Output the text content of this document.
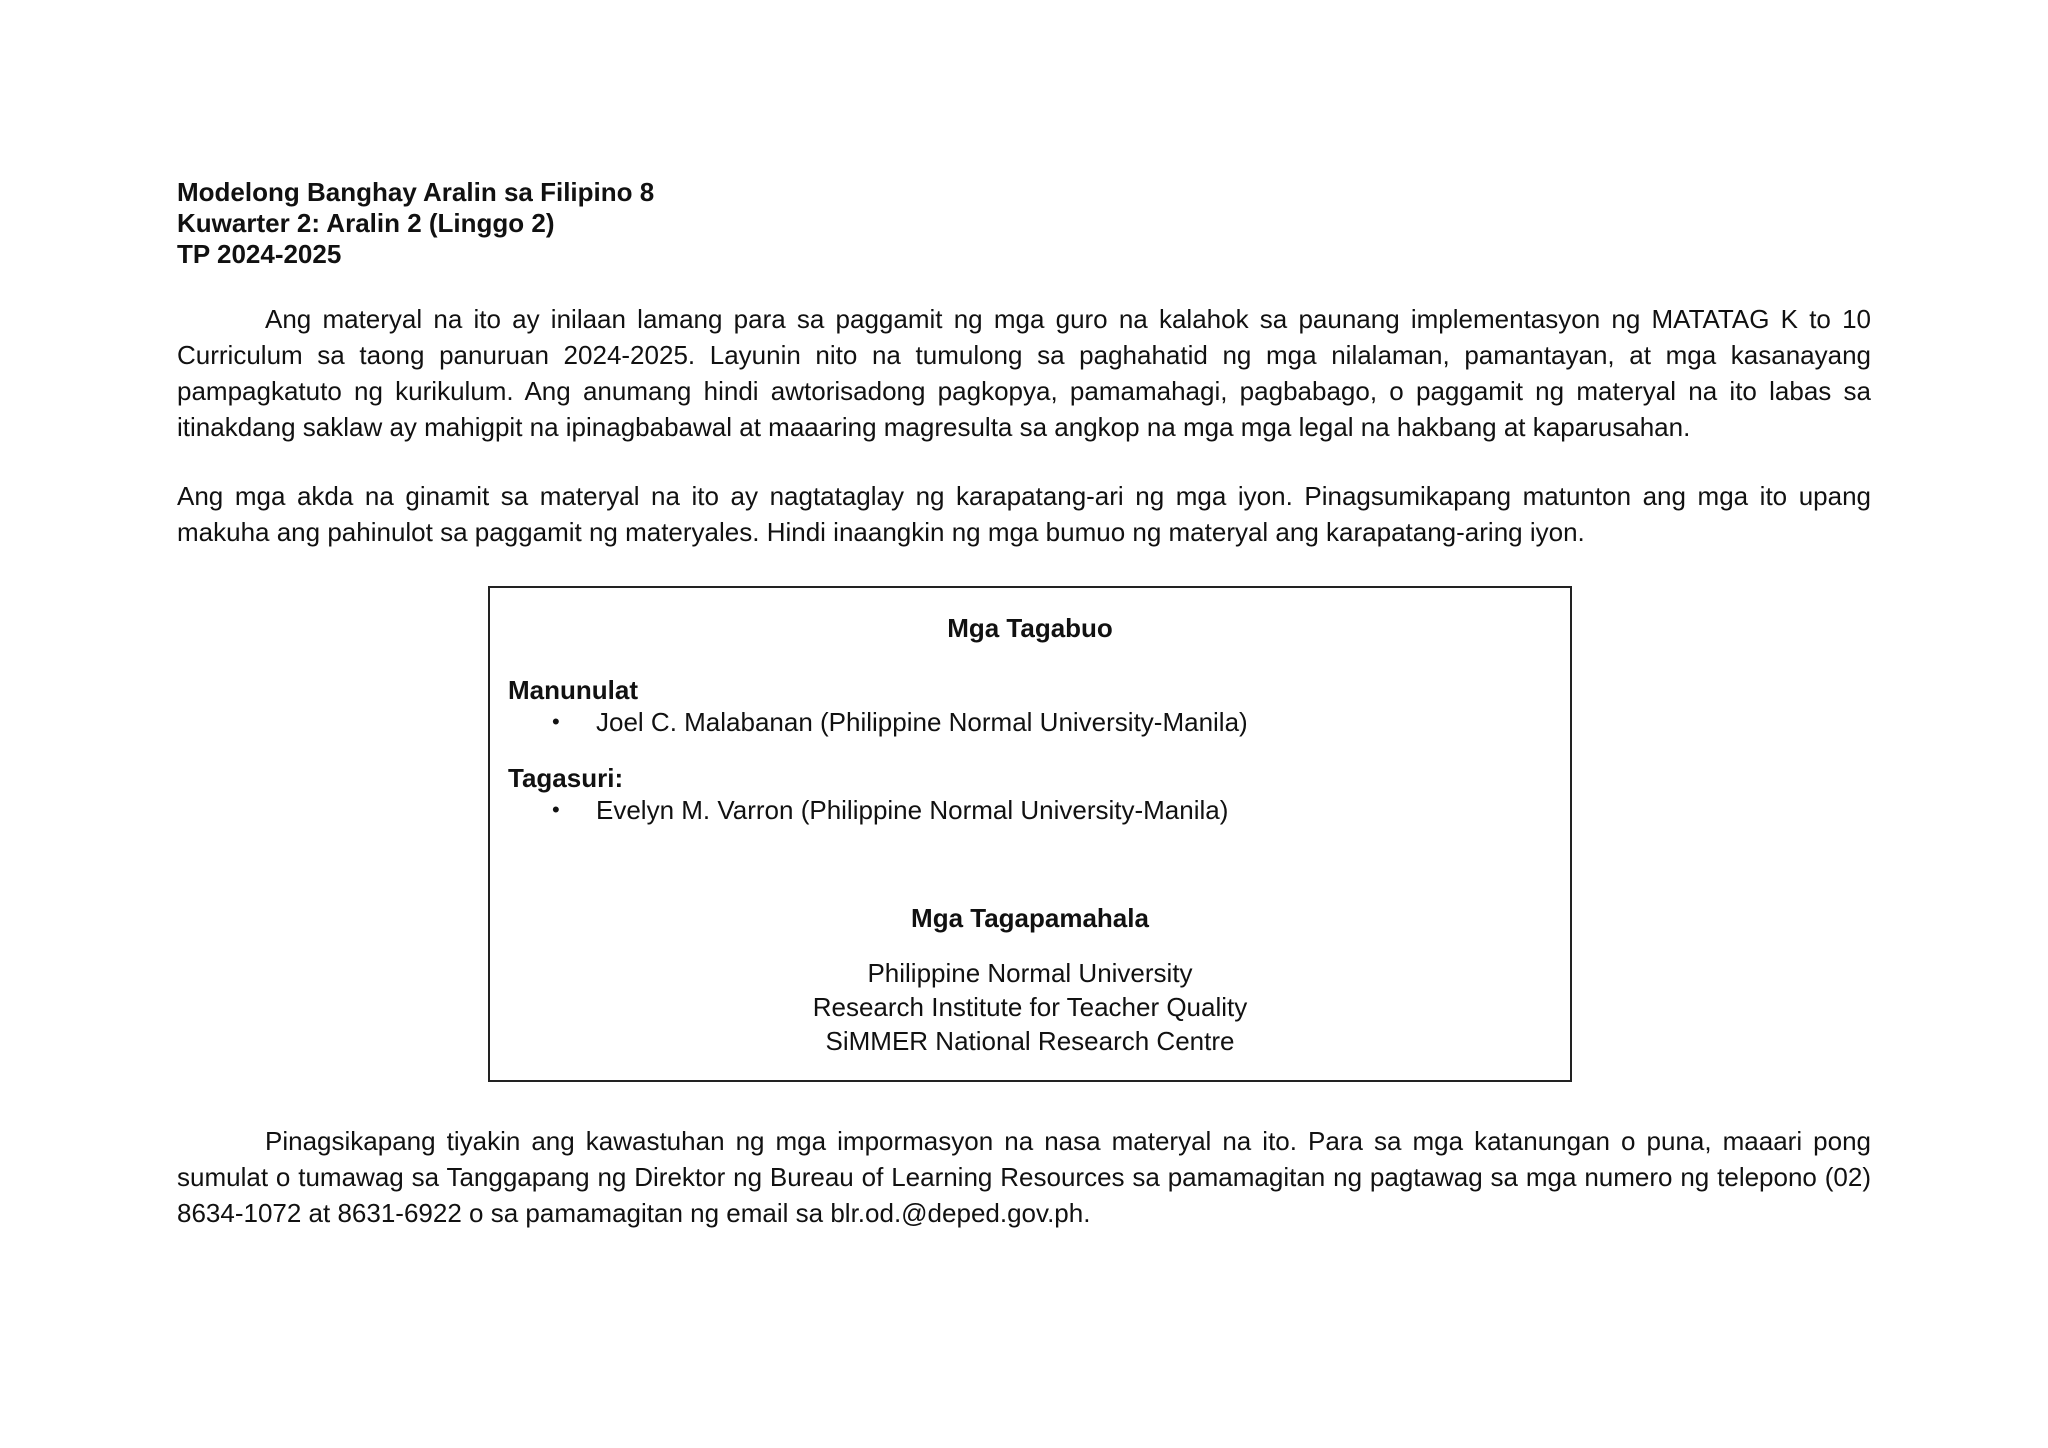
Modelong Banghay Aralin sa Filipino 8
Kuwarter 2: Aralin 2 (Linggo 2)
TP 2024-2025

Ang materyal na ito ay inilaan lamang para sa paggamit ng mga guro na kalahok sa paunang implementasyon ng MATATAG K to 10 Curriculum sa taong panuruan 2024-2025. Layunin nito na tumulong sa paghahatid ng mga nilalaman, pamantayan, at mga kasanayang pampagkatuto ng kurikulum. Ang anumang hindi awtorisadong pagkopya, pamamahagi, pagbabago, o paggamit ng materyal na ito labas sa itinakdang saklaw ay mahigpit na ipinagbabawal at maaaring magresulta sa angkop na mga mga legal na hakbang at kaparusahan.

Ang mga akda na ginamit sa materyal na ito ay nagtataglay ng karapatang-ari ng mga iyon. Pinagsumikapang matunton ang mga ito upang makuha ang pahinulot sa paggamit ng materyales. Hindi inaangkin ng mga bumuo ng materyal ang karapatang-aring iyon.

Mga Tagabuo
Manunulat
• Joel C. Malabanan (Philippine Normal University-Manila)
Tagasuri:
• Evelyn M. Varron (Philippine Normal University-Manila)
Mga Tagapamahala
Philippine Normal University
Research Institute for Teacher Quality
SiMMER National Research Centre

Pinagsikapang tiyakin ang kawastuhan ng mga impormasyon na nasa materyal na ito. Para sa mga katanungan o puna, maaari pong sumulat o tumawag sa Tanggapang ng Direktor ng Bureau of Learning Resources sa pamamagitan ng pagtawag sa mga numero ng telepono (02) 8634-1072 at 8631-6922 o sa pamamagitan ng email sa blr.od.@deped.gov.ph.
